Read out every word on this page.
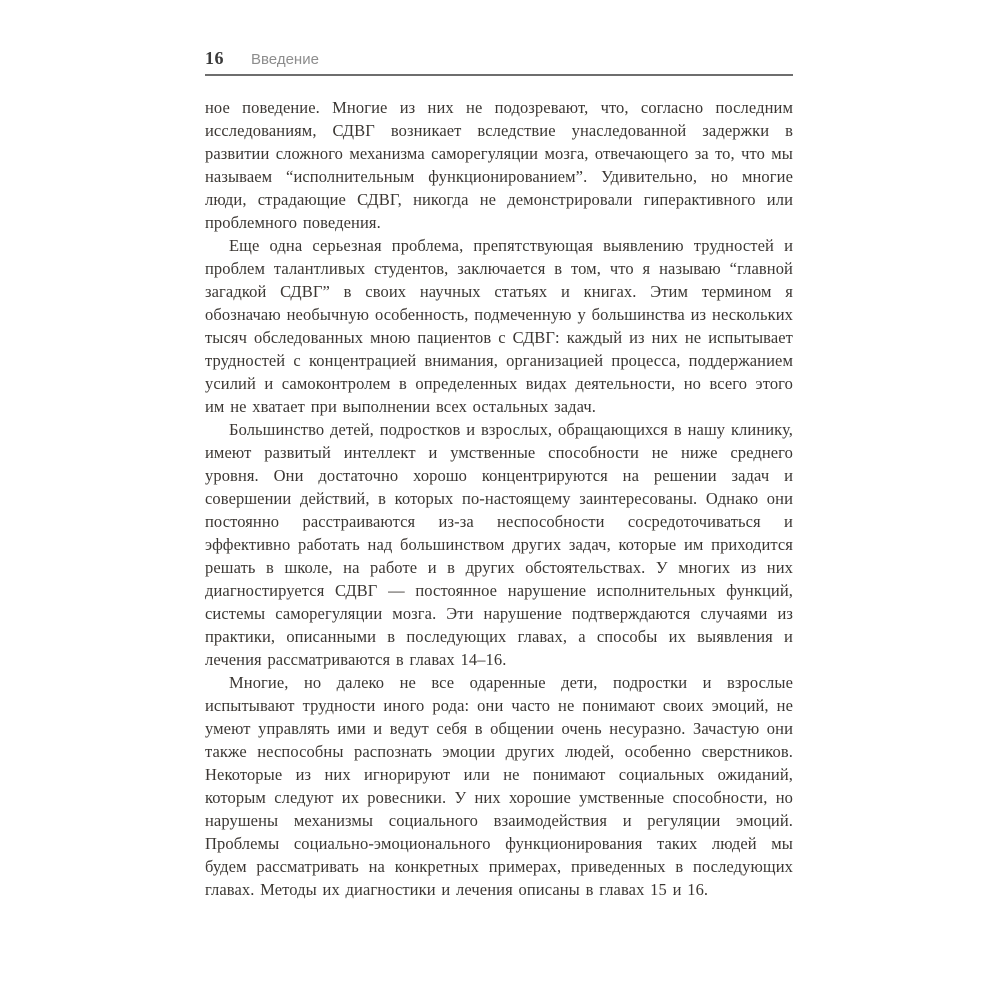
16 Введение

ное поведение. Многие из них не подозревают, что, согласно последним исследованиям, СДВГ возникает вследствие унаследованной задержки в развитии сложного механизма саморегуляции мозга, отвечающего за то, что мы называем “исполнительным функционированием”. Удивительно, но многие люди, страдающие СДВГ, никогда не демонстрировали гиперактивного или проблемного поведения.

Еще одна серьезная проблема, препятствующая выявлению трудностей и проблем талантливых студентов, заключается в том, что я называю “главной загадкой СДВГ” в своих научных статьях и книгах. Этим термином я обозначаю необычную особенность, подмеченную у большинства из нескольких тысяч обследованных мною пациентов с СДВГ: каждый из них не испытывает трудностей с концентрацией внимания, организацией процесса, поддержанием усилий и самоконтролем в определенных видах деятельности, но всего этого им не хватает при выполнении всех остальных задач.

Большинство детей, подростков и взрослых, обращающихся в нашу клинику, имеют развитый интеллект и умственные способности не ниже среднего уровня. Они достаточно хорошо концентрируются на решении задач и совершении действий, в которых по-настоящему заинтересованы. Однако они постоянно расстраиваются из-за неспособности сосредоточиваться и эффективно работать над большинством других задач, которые им приходится решать в школе, на работе и в других обстоятельствах. У многих из них диагностируется СДВГ — постоянное нарушение исполнительных функций, системы саморегуляции мозга. Эти нарушение подтверждаются случаями из практики, описанными в последующих главах, а способы их выявления и лечения рассматриваются в главах 14–16.

Многие, но далеко не все одаренные дети, подростки и взрослые испытывают трудности иного рода: они часто не понимают своих эмоций, не умеют управлять ими и ведут себя в общении очень несуразно. Зачастую они также неспособны распознать эмоции других людей, особенно сверстников. Некоторые из них игнорируют или не понимают социальных ожиданий, которым следуют их ровесники. У них хорошие умственные способности, но нарушены механизмы социального взаимодействия и регуляции эмоций. Проблемы социально-эмоционального функционирования таких людей мы будем рассматривать на конкретных примерах, приведенных в последующих главах. Методы их диагностики и лечения описаны в главах 15 и 16.
